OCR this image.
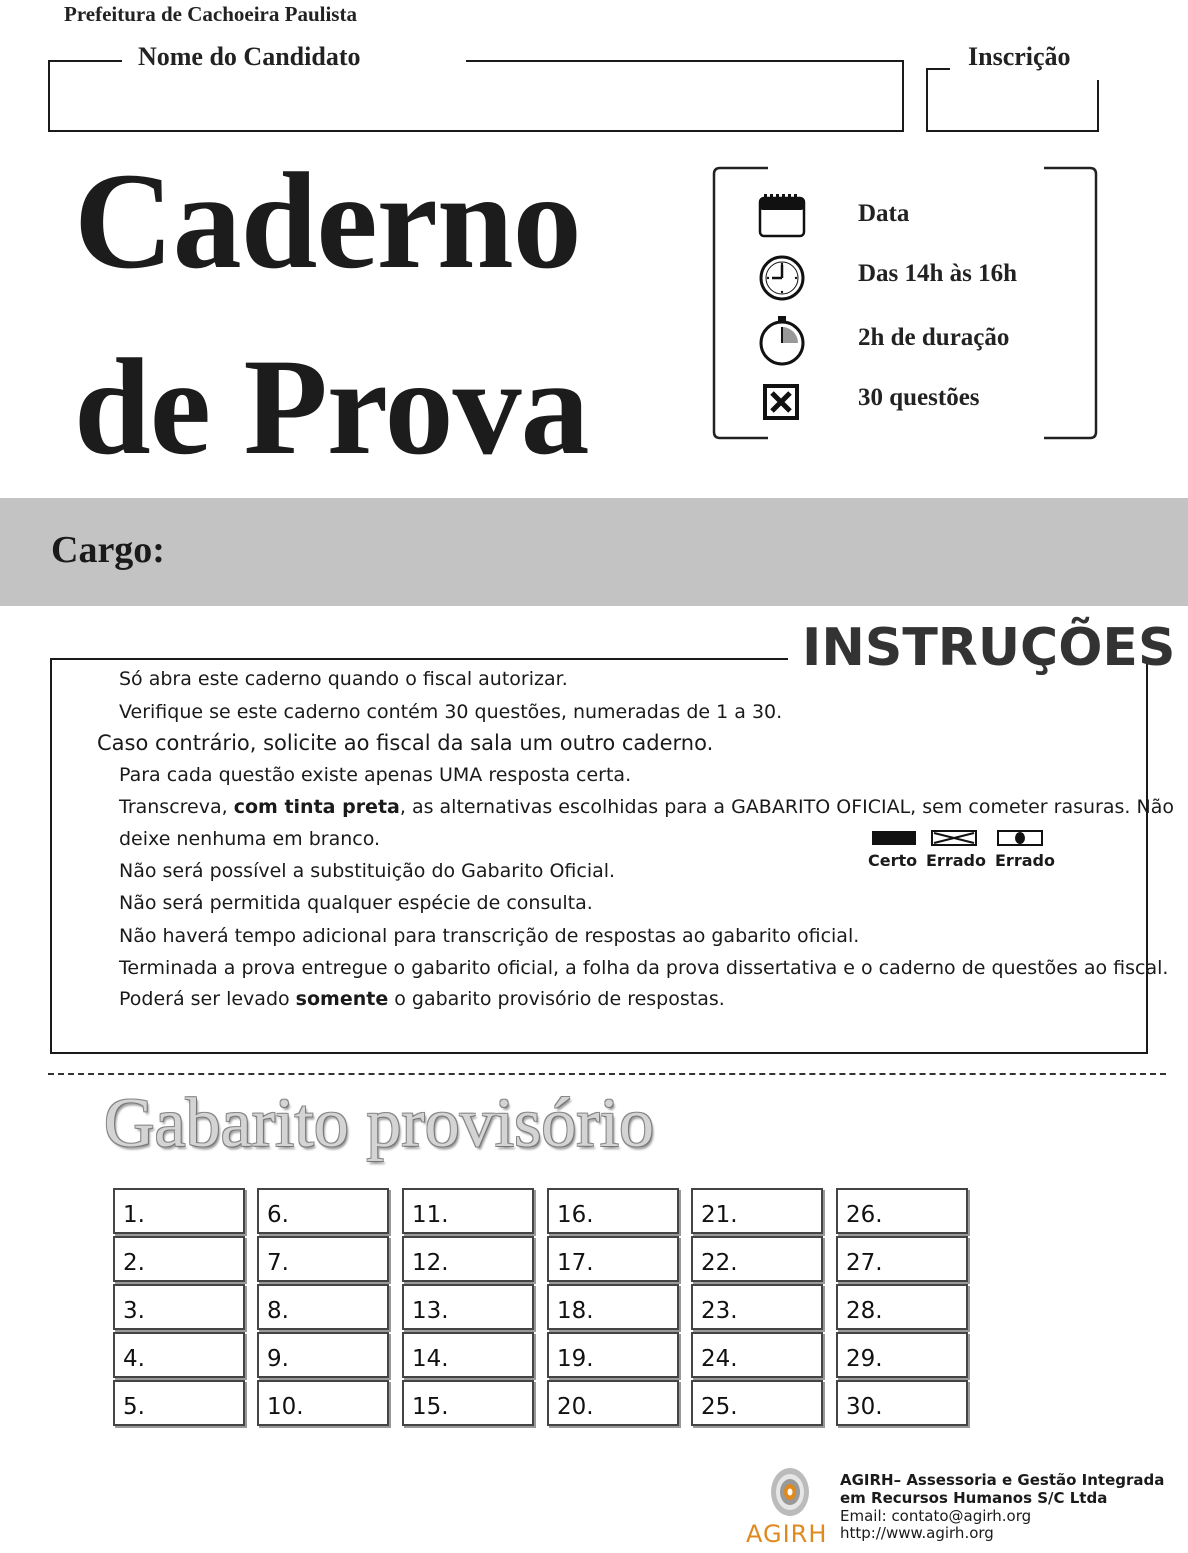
Prefeitura de Cachoeira Paulista
Nome do Candidato	Inscrição
Caderno
de Prova
Data
Das 14h às 16h
2h de duração
30 questões
Cargo:
INSTRUÇÕES
Só abra este caderno quando o fiscal autorizar.
Verifique se este caderno contém 30 questões, numeradas de 1 a 30.
Caso contrário, solicite ao fiscal da sala um outro caderno.
Para cada questão existe apenas UMA resposta certa.
Transcreva, com tinta preta, as alternativas escolhidas para a GABARITO OFICIAL, sem cometer rasuras. Não
deixe nenhuma em branco.
Não será possível a substituição do Gabarito Oficial.
Não será permitida qualquer espécie de consulta.
Não haverá tempo adicional para transcrição de respostas ao gabarito oficial.
Terminada a prova entregue o gabarito oficial, a folha da prova dissertativa e o caderno de questões ao fiscal.
Poderá ser levado somente o gabarito provisório de respostas.
Certo Errado Errado
Gabarito provisório
1.
2.
3.
4.
5.
6.
7.
8.
9.
10.
11.
12.
13.
14.
15.
16.
17.
18.
19.
20.
21.
22.
23.
24.
25.
26.
27.
28.
29.
30.
AGIRH
AGIRH– Assessoria e Gestão Integrada
em Recursos Humanos S/C Ltda
Email: contato@agirh.org
http://www.agirh.org
